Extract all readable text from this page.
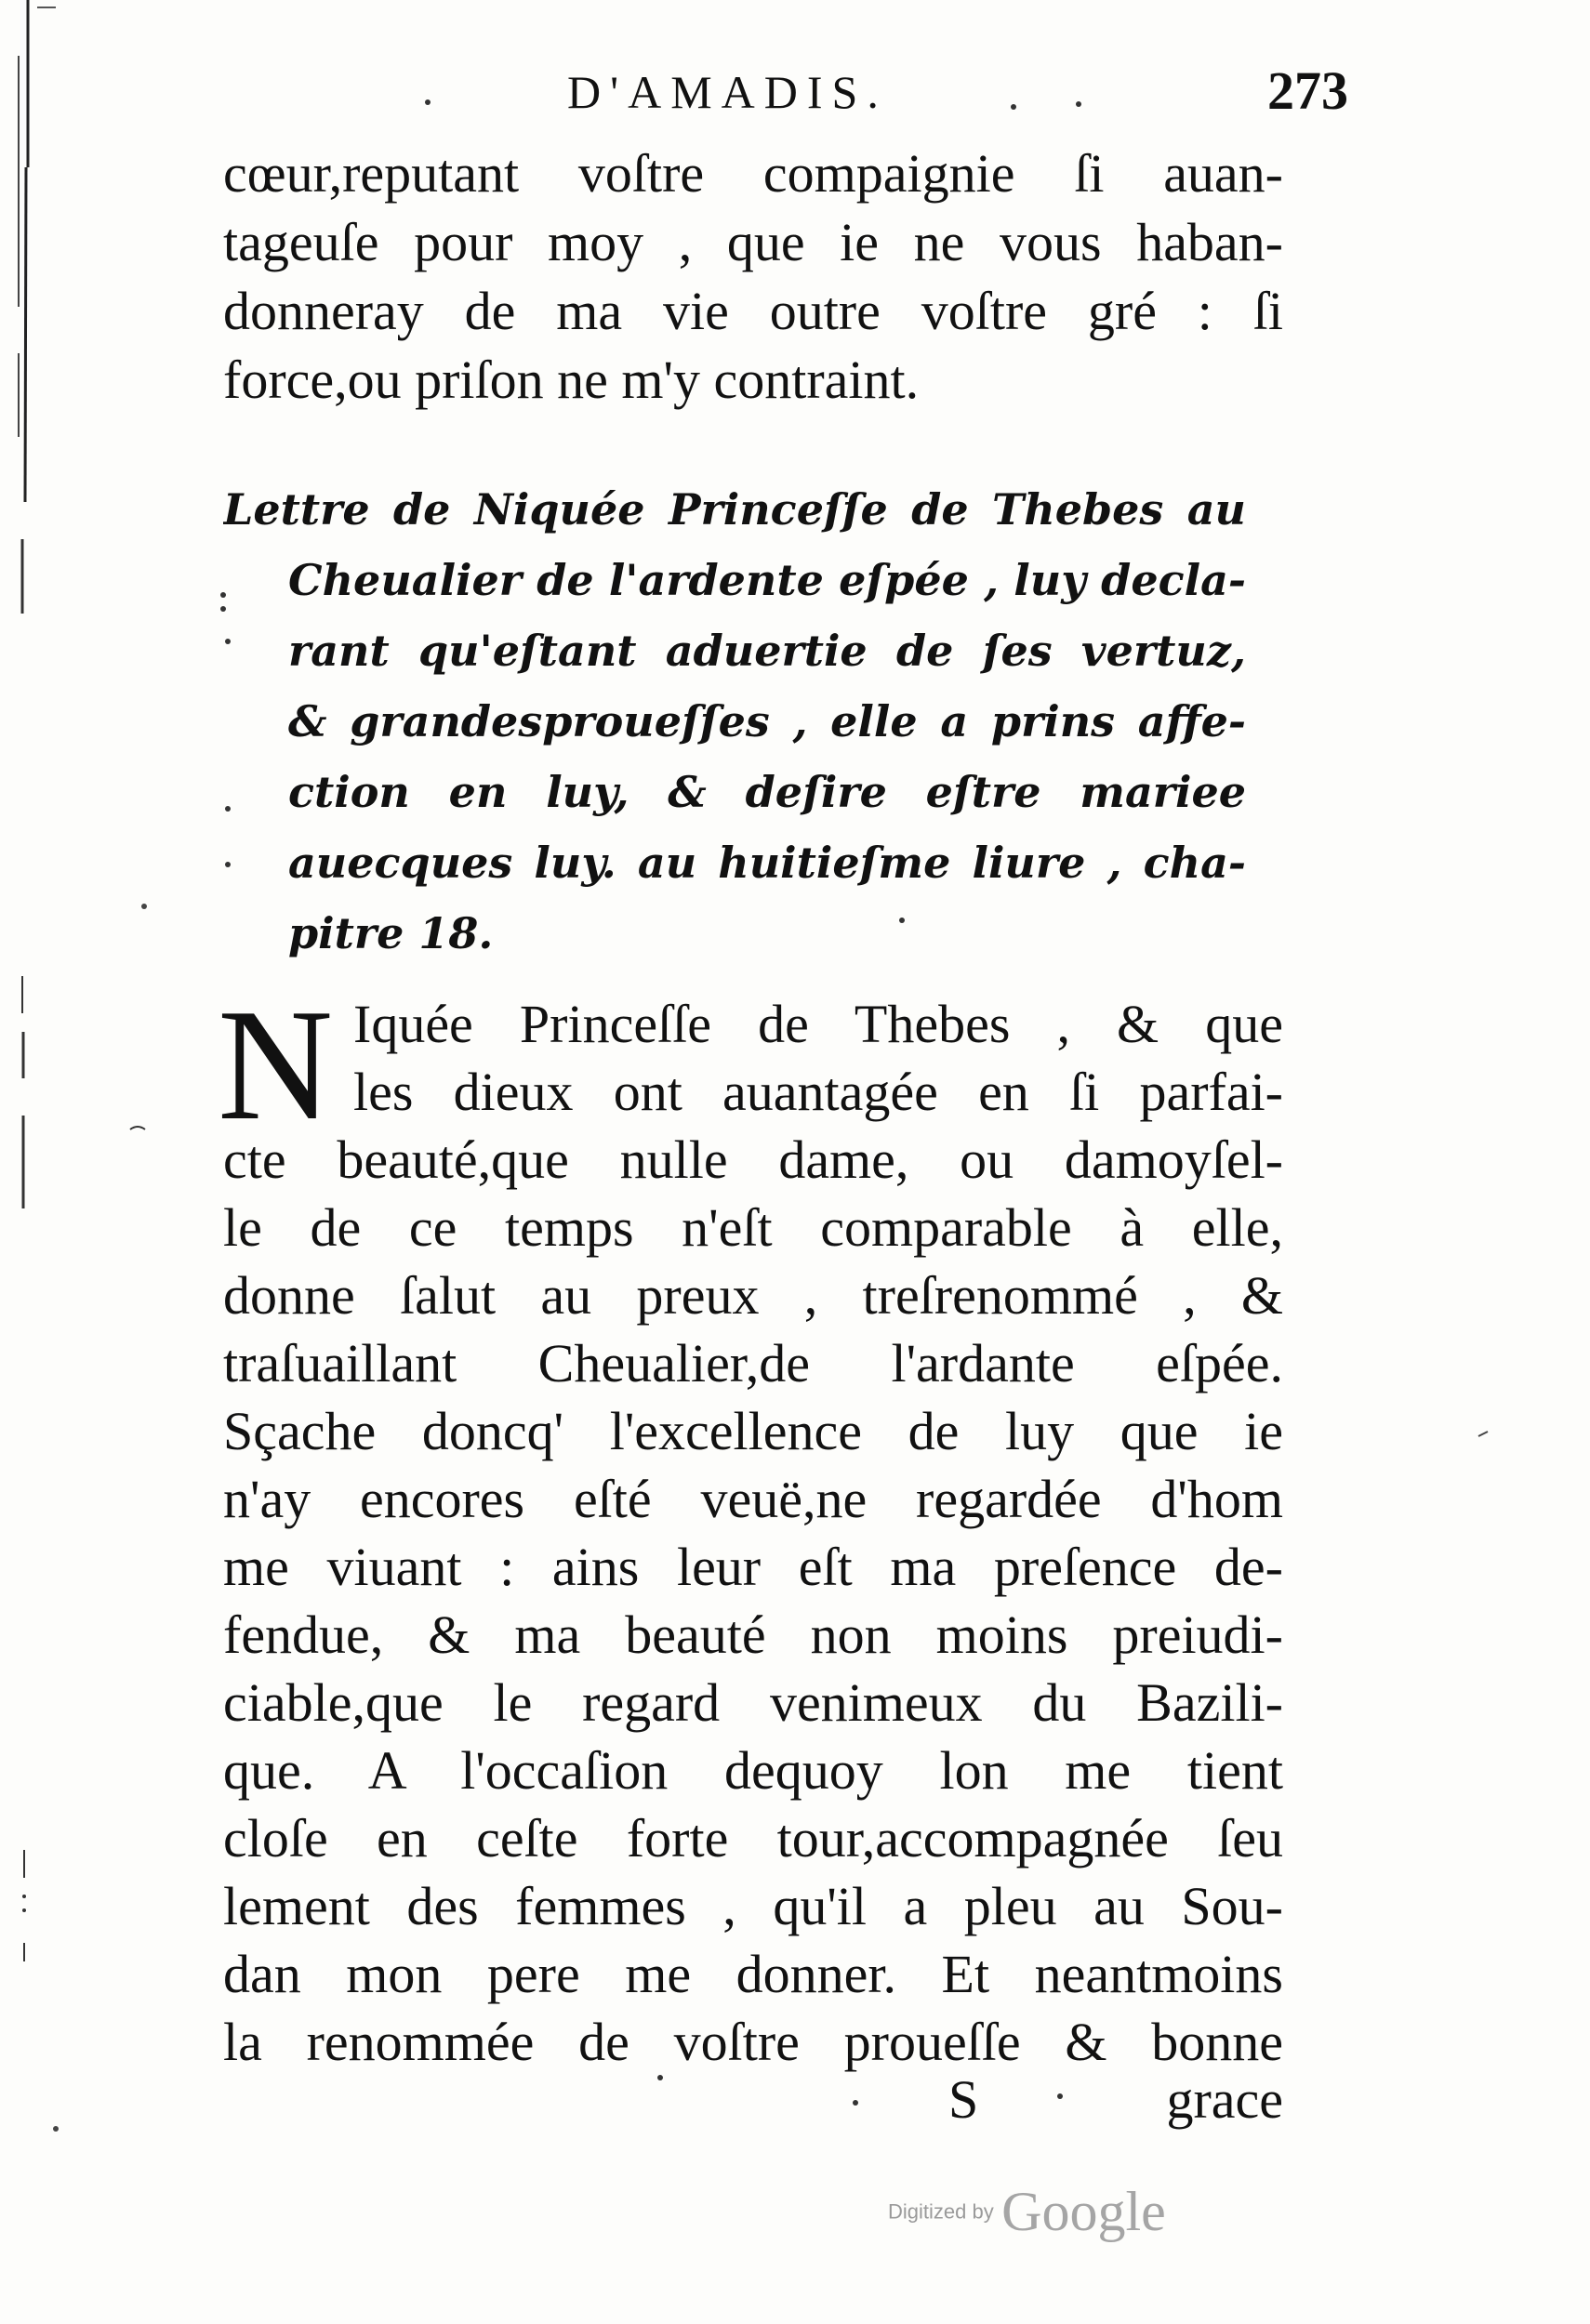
D'AMADIS.	273
cœur,reputant voſtre compaignie ſi auan-
tageuſe pour moy , que ie ne vous haban-
donneray de ma vie outre voſtre gré : ſi
force,ou priſon ne m'y contraint.
Lettre de Niquée Princeſſe de Thebes au
Cheualier de l'ardente eſpée , luy decla-
rant qu'eſtant aduertie de ſes vertuz,
& grandesproueſſes , elle a prins affe-
ction en luy, & deſire eſtre mariee
auecques luy. au huitieſme liure , cha-
pitre 18.
N Iquée Princeſſe de Thebes , & que
les dieux ont auantagée en ſi parfai-
cte beauté,que nulle dame, ou damoyſel-
le de ce temps n'eſt comparable à elle,
donne ſalut au preux , treſrenommé , &
traſuaillant Cheualier,de l'ardante eſpée.
Sçache doncq' l'excellence de luy que ie
n'ay encores eſté veuë,ne regardée d'hom
me viuant : ains leur eſt ma preſence de-
fendue, & ma beauté non moins preiudi-
ciable,que le regard venimeux du Bazili-
que. A l'occaſion dequoy lon me tient
cloſe en ceſte forte tour,accompagnée ſeu
lement des femmes , qu'il a pleu au Sou-
dan mon pere me donner. Et neantmoins
la renommée de voſtre proueſſe & bonne
S	grace
Digitized by Google
